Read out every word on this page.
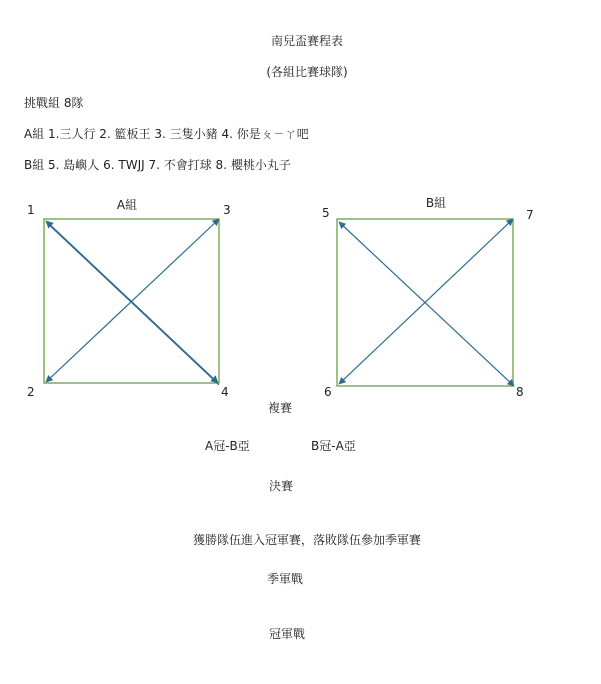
南兒盃賽程表
(各組比賽球隊)
挑戰組 8隊
A組 1.三人行 2. 籃板王 3. 三隻小豬 4. 你是ㄆㄧㄚ吧
B組 5. 島嶼人 6. TWJJ 7. 不會打球 8. 櫻桃小丸子
A組
1	3
2	4
B組
5	7
6	8
複賽
A冠-B亞	B冠-A亞
決賽
獲勝隊伍進入冠軍賽，落敗隊伍參加季軍賽
季軍戰
冠軍戰
